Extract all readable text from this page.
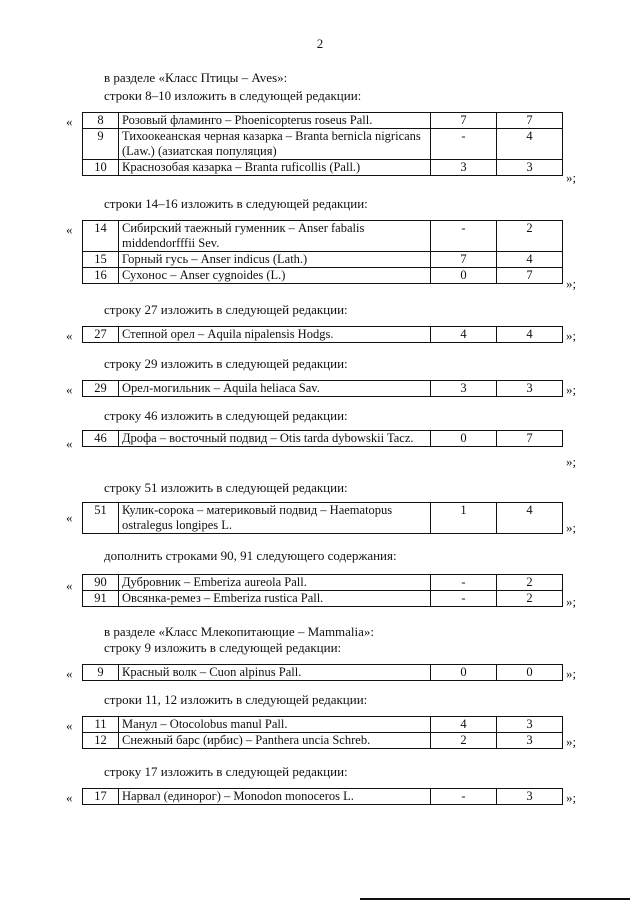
2
в разделе «Класс Птицы – Aves»:
строки 8–10 изложить в следующей редакции:
« 8	Розовый фламинго – Phoenicopterus roseus Pall.	7	7
9	Тихоокеанская черная казарка – Branta bernicla nigricans (Law.) (азиатская популяция)	-	4
10	Краснозобая казарка – Branta ruficollis (Pall.)	3	3
»;
строки 14–16 изложить в следующей редакции:
« 14	Сибирский таежный гуменник – Anser fabalis middendorfffii Sev.	-	2
15	Горный гусь – Anser indicus (Lath.)	7	4
16	Сухонос – Anser cygnoides (L.)	0	7
»;
строку 27 изложить в следующей редакции:
« 27	Степной орел – Aquila nipalensis Hodgs.	4	4	»;
строку 29 изложить в следующей редакции:
« 29	Орел-могильник – Aquila heliaca Sav.	3	3	»;
строку 46 изложить в следующей редакции:
« 46	Дрофа – восточный подвид – Otis tarda dybowskii Tacz.	0	7
»;
строку 51 изложить в следующей редакции:
« 51	Кулик-сорока – материковый подвид – Haematopus ostralegus longipes L.	1	4
»;
дополнить строками 90, 91 следующего содержания:
« 90	Дубровник – Emberiza aureola Pall.	-	2
91	Овсянка-ремез – Emberiza rustica Pall.	-	2	»;
в разделе «Класс Млекопитающие – Mammalia»:
строку 9 изложить в следующей редакции:
« 9	Красный волк – Cuon alpinus Pall.	0	0	»;
строки 11, 12 изложить в следующей редакции:
« 11	Манул – Otocolobus manul Pall.	4	3
12	Снежный барс (ирбис) – Panthera uncia Schreb.	2	3	»;
строку 17 изложить в следующей редакции:
« 17	Нарвал (единорог) – Monodon monoceros L.	-	3	»;
